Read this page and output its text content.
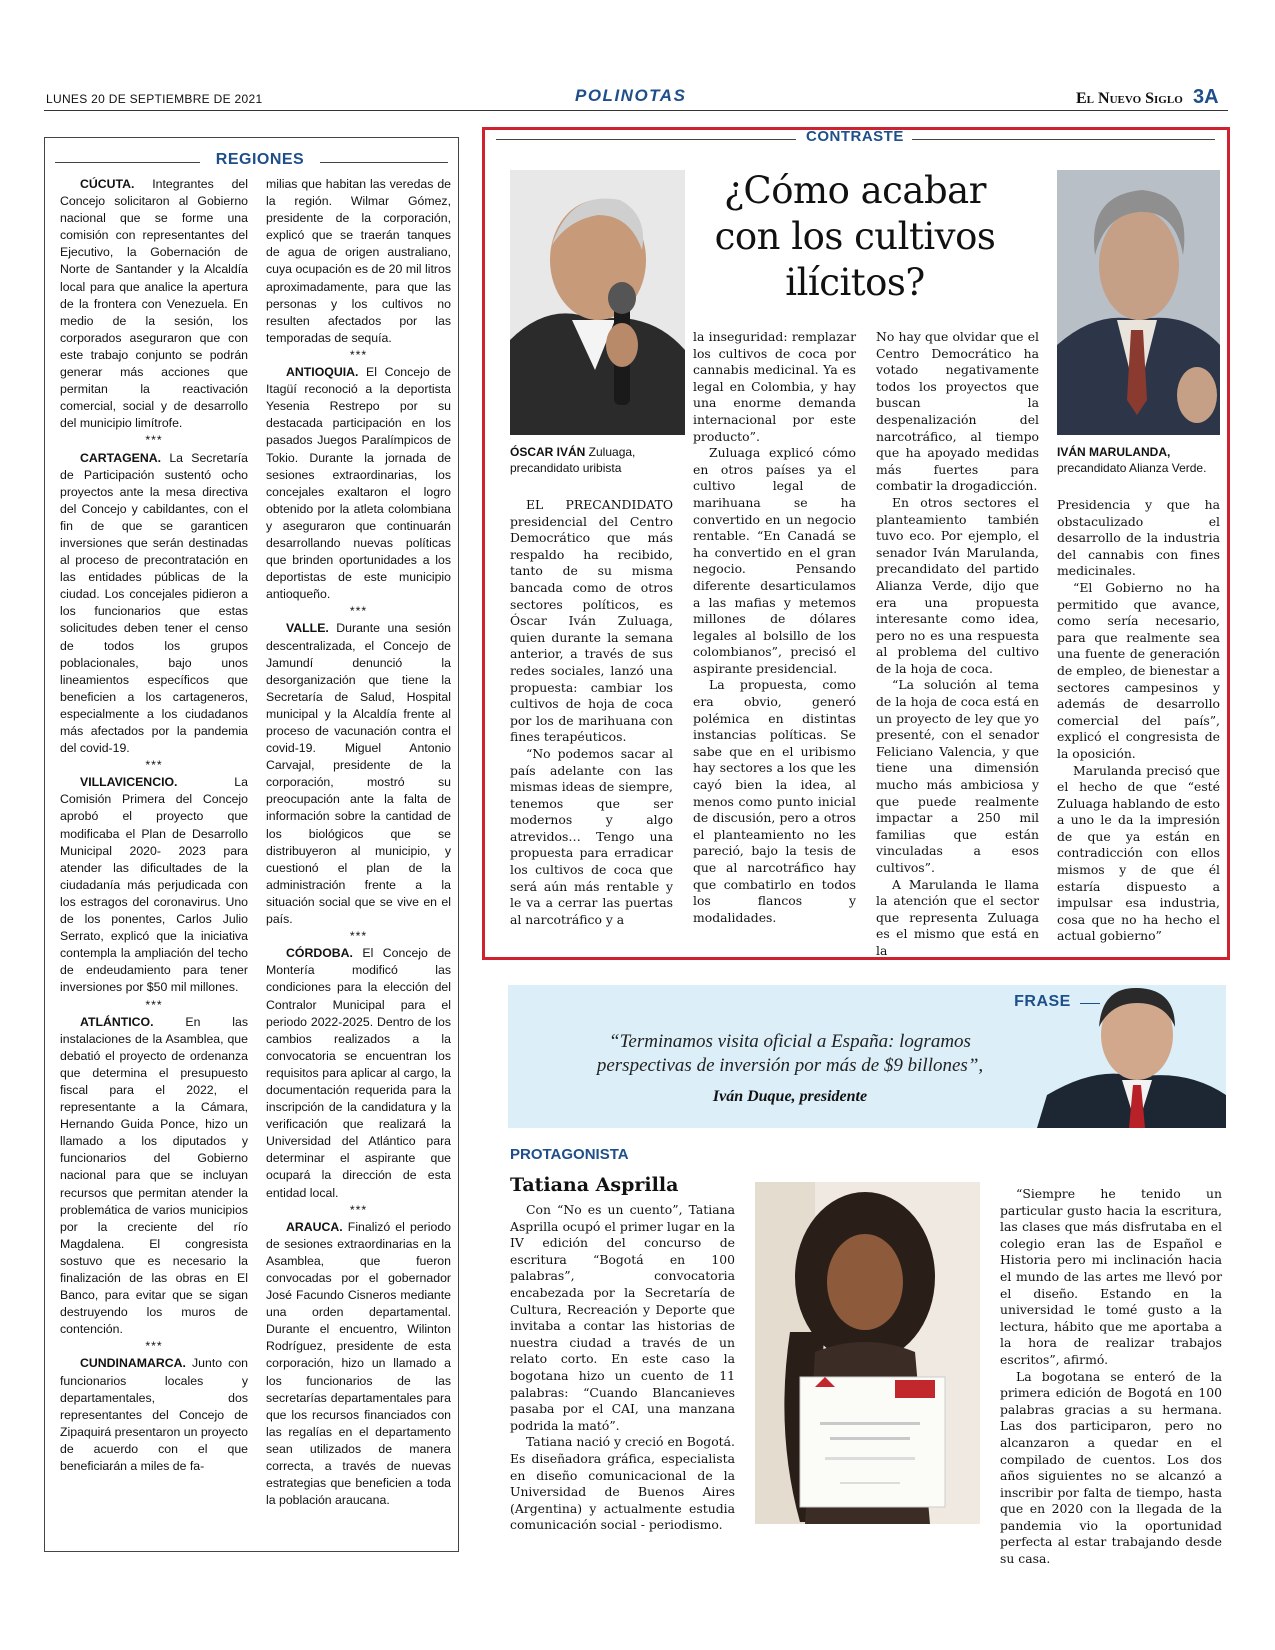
LUNES 20 DE SEPTIEMBRE DE 2021	POLINOTAS	El Nuevo Siglo 3A
REGIONES

CÚCUTA. Integrantes del Concejo solicitaron al Gobierno nacional que se forme una comisión con representantes del Ejecutivo, la Gobernación de Norte de Santander y la Alcaldía local para que analice la apertura de la frontera con Venezuela. En medio de la sesión, los corporados aseguraron que con este trabajo conjunto se podrán generar más acciones que permitan la reactivación comercial, social y de desarrollo del municipio limítrofe.

***

CARTAGENA. La Secretaría de Participación sustentó ocho proyectos ante la mesa directiva del Concejo y cabildantes, con el fin de que se garanticen inversiones que serán destinadas al proceso de precontratación en las entidades públicas de la ciudad. Los concejales pidieron a los funcionarios que estas solicitudes deben tener el censo de todos los grupos poblacionales, bajo unos lineamientos específicos que beneficien a los cartageneros, especialmente a los ciudadanos más afectados por la pandemia del covid-19.

***

VILLAVICENCIO. La Comisión Primera del Concejo aprobó el proyecto que modificaba el Plan de Desarrollo Municipal 2020- 2023 para atender las dificultades de la ciudadanía más perjudicada con los estragos del coronavirus. Uno de los ponentes, Carlos Julio Serrato, explicó que la iniciativa contempla la ampliación del techo de endeudamiento para tener inversiones por $50 mil millones.

***

ATLÁNTICO. En las instalaciones de la Asamblea, que debatió el proyecto de ordenanza que determina el presupuesto fiscal para el 2022, el representante a la Cámara, Hernando Guida Ponce, hizo un llamado a los diputados y funcionarios del Gobierno nacional para que se incluyan recursos que permitan atender la problemática de varios municipios por la creciente del río Magdalena. El congresista sostuvo que es necesario la finalización de las obras en El Banco, para evitar que se sigan destruyendo los muros de contención.

***

CUNDINAMARCA. Junto con funcionarios locales y departamentales, dos representantes del Concejo de Zipaquirá presentaron un proyecto de acuerdo con el que beneficiarán a miles de fa-

milias que habitan las veredas de la región. Wilmar Gómez, presidente de la corporación, explicó que se traerán tanques de agua de origen australiano, cuya ocupación es de 20 mil litros aproximadamente, para que las personas y los cultivos no resulten afectados por las temporadas de sequía.

***

ANTIOQUIA. El Concejo de Itagüí reconoció a la deportista Yesenia Restrepo por su destacada participación en los pasados Juegos Paralímpicos de Tokio. Durante la jornada de sesiones extraordinarias, los concejales exaltaron el logro obtenido por la atleta colombiana y aseguraron que continuarán desarrollando nuevas políticas que brinden oportunidades a los deportistas de este municipio antioqueño.

***

VALLE. Durante una sesión descentralizada, el Concejo de Jamundí denunció la desorganización que tiene la Secretaría de Salud, Hospital municipal y la Alcaldía frente al proceso de vacunación contra el covid-19. Miguel Antonio Carvajal, presidente de la corporación, mostró su preocupación ante la falta de información sobre la cantidad de los biológicos que se distribuyeron al municipio, y cuestionó el plan de la administración frente a la situación social que se vive en el país.

***

CÓRDOBA. El Concejo de Montería modificó las condiciones para la elección del Contralor Municipal para el periodo 2022-2025. Dentro de los cambios realizados a la convocatoria se encuentran los requisitos para aplicar al cargo, la documentación requerida para la inscripción de la candidatura y la verificación que realizará la Universidad del Atlántico para determinar el aspirante que ocupará la dirección de esta entidad local.

***

ARAUCA. Finalizó el periodo de sesiones extraordinarias en la Asamblea, que fueron convocadas por el gobernador José Facundo Cisneros mediante una orden departamental. Durante el encuentro, Wilinton Rodríguez, presidente de esta corporación, hizo un llamado a los funcionarios de las secretarías departamentales para que los recursos financiados con las regalías en el departamento sean utilizados de manera correcta, a través de nuevas estrategias que beneficien a toda la población araucana.

CONTRASTE
¿Cómo acabar
con los cultivos
ilícitos?
ÓSCAR IVÁN Zuluaga, precandidato uribista
IVÁN MARULANDA, precandidato Alianza Verde.

EL PRECANDIDATO presidencial del Centro Democrático que más respaldo ha recibido, tanto de su misma bancada como de otros sectores políticos, es Óscar Iván Zuluaga, quien durante la semana anterior, a través de sus redes sociales, lanzó una propuesta: cambiar los cultivos de hoja de coca por los de marihuana con fines terapéuticos.

“No podemos sacar al país adelante con las mismas ideas de siempre, tenemos que ser modernos y algo atrevidos… Tengo una propuesta para erradicar los cultivos de coca que será aún más rentable y le va a cerrar las puertas al narcotráfico y a

la inseguridad: remplazar los cultivos de coca por cannabis medicinal. Ya es legal en Colombia, y hay una enorme demanda internacional por este producto”.

Zuluaga explicó cómo en otros países ya el cultivo legal de marihuana se ha convertido en un negocio rentable. “En Canadá se ha convertido en el gran negocio. Pensando diferente desarticulamos a las mafias y metemos millones de dólares legales al bolsillo de los colombianos”, precisó el aspirante presidencial.

La propuesta, como era obvio, generó polémica en distintas instancias políticas. Se sabe que en el uribismo hay sectores a los que les cayó bien la idea, al menos como punto inicial de discusión, pero a otros el planteamiento no les pareció, bajo la tesis de que al narcotráfico hay que combatirlo en todos los flancos y modalidades.

No hay que olvidar que el Centro Democrático ha votado negativamente todos los proyectos que buscan la despenalización del narcotráfico, al tiempo que ha apoyado medidas más fuertes para combatir la drogadicción.

En otros sectores el planteamiento también tuvo eco. Por ejemplo, el senador Iván Marulanda, precandidato del partido Alianza Verde, dijo que era una propuesta interesante como idea, pero no es una respuesta al problema del cultivo de la hoja de coca.

“La solución al tema de la hoja de coca está en un proyecto de ley que yo presenté, con el senador Feliciano Valencia, y que tiene una dimensión mucho más ambiciosa y que puede realmente impactar a 250 mil familias que están vinculadas a esos cultivos”.

A Marulanda le llama la atención que el sector que representa Zuluaga es el mismo que está en la

Presidencia y que ha obstaculizado el desarrollo de la industria del cannabis con fines medicinales.

“El Gobierno no ha permitido que avance, como sería necesario, para que realmente sea una fuente de generación de empleo, de bienestar a sectores campesinos y además de desarrollo comercial del país”, explicó el congresista de la oposición.

Marulanda precisó que el hecho de que “esté Zuluaga hablando de esto a uno le da la impresión de que ya están en contradicción con ellos mismos y de que él estaría dispuesto a impulsar esa industria, cosa que no ha hecho el actual gobierno”

FRASE
“Terminamos visita oficial a España: logramos
perspectivas de inversión por más de $9 billones”,
Iván Duque, presidente
PROTAGONISTA
Tatiana Asprilla

Con “No es un cuento”, Tatiana Asprilla ocupó el primer lugar en la IV edición del concurso de escritura “Bogotá en 100 palabras”, convocatoria encabezada por la Secretaría de Cultura, Recreación y Deporte que invitaba a contar las historias de nuestra ciudad a través de un relato corto. En este caso la bogotana hizo un cuento de 11 palabras: “Cuando Blancanieves pasaba por el CAI, una manzana podrida la mató”.

Tatiana nació y creció en Bogotá. Es diseñadora gráfica, especialista en diseño comunicacional de la Universidad de Buenos Aires (Argentina) y actualmente estudia comunicación social - periodismo.

“Siempre he tenido un particular gusto hacia la escritura, las clases que más disfrutaba en el colegio eran las de Español e Historia pero mi inclinación hacia el mundo de las artes me llevó por el diseño. Estando en la universidad le tomé gusto a la lectura, hábito que me aportaba a la hora de realizar trabajos escritos”, afirmó.

La bogotana se enteró de la primera edición de Bogotá en 100 palabras gracias a su hermana. Las dos participaron, pero no alcanzaron a quedar en el compilado de cuentos. Los dos años siguientes no se alcanzó a inscribir por falta de tiempo, hasta que en 2020 con la llegada de la pandemia vio la oportunidad perfecta al estar trabajando desde su casa.
